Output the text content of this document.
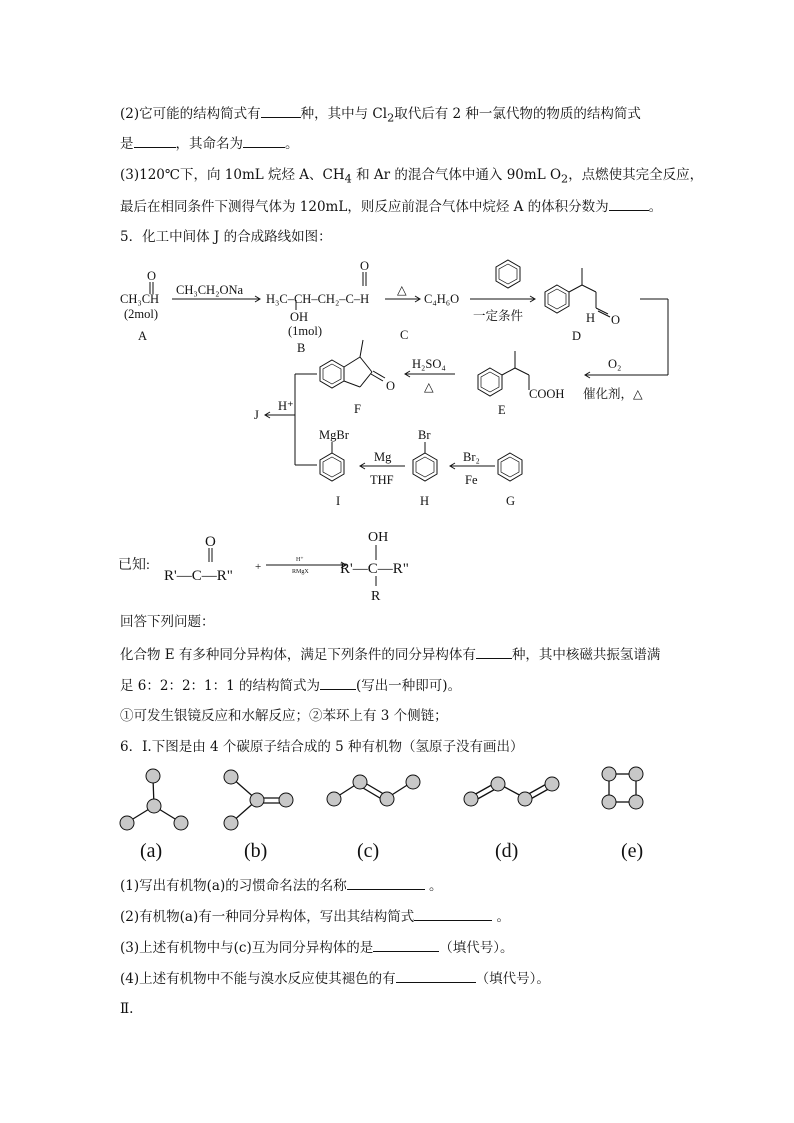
(2)它可能的结构简式有	种，其中与 $Cl_2$取代后有 2 种一氯代物的物质的结构简式
是	，其命名为	。
(3)120℃下，向 10mL 烷烃 A、$CH_4$ 和 Ar 的混合气体中通入 90mL $O_2$，点燃使其完全反应，
最后在相同条件下测得气体为 120mL，则反应前混合气体中烷烃 A 的体积分数为	。
5．化工中间体 J 的合成路线如图：
O
CH₃CH
(2mol)
A
CH₃CH₂ONa
O
H₃C–CH–CH₂–C–H
OH
(1mol)
B
△
C₄H₆O
C
一定条件	H O
D
O₂
催化剂，△
COOH
E
H₂SO₄
△
O
F
H⁺
J
MgBr
I
Mg
THF
Br
H
Br₂
Fe
G
已知:
O
R'—C—R"
+
H⁺
RMgX
OH
R'—C—R"
R
回答下列问题：
化合物 E 有多种同分异构体，满足下列条件的同分异构体有	种，其中核磁共振氢谱满
足 6：2：2：1：1 的结构简式为	(写出一种即可)。
①可发生银镜反应和水解反应；②苯环上有 3 个侧链；
6．Ⅰ.下图是由 4 个碳原子结合成的 5 种有机物（氢原子没有画出）
(a)	(b)	(c)	(d)	(e)
(1)写出有机物(a)的习惯命名法的名称	。
(2)有机物(a)有一种同分异构体，写出其结构简式	。
(3)上述有机物中与(c)互为同分异构体的是	（填代号）。
(4)上述有机物中不能与溴水反应使其褪色的有	（填代号）。
Ⅱ.
